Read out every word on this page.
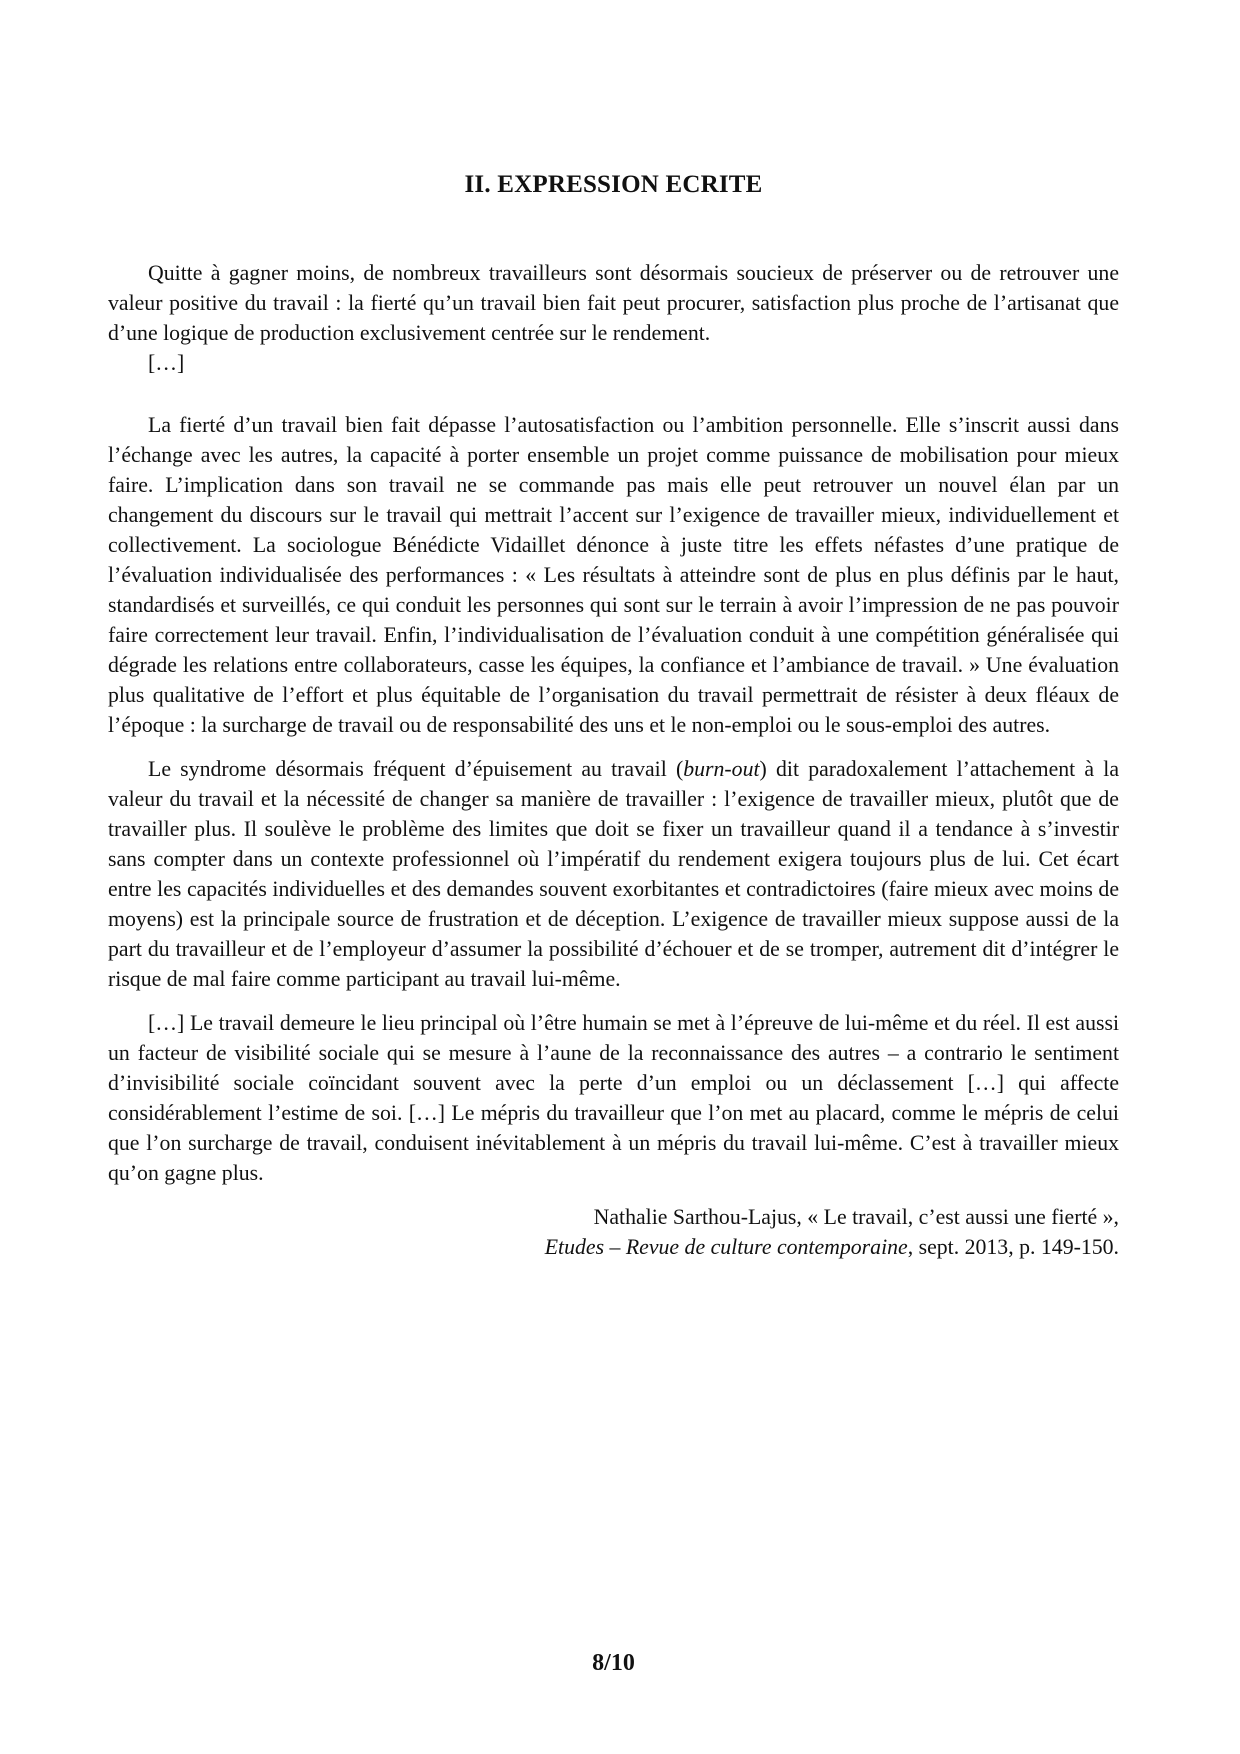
II. EXPRESSION ECRITE

Quitte à gagner moins, de nombreux travailleurs sont désormais soucieux de préserver ou de retrouver une valeur positive du travail : la fierté qu’un travail bien fait peut procurer, satisfaction plus proche de l’artisanat que d’une logique de production exclusivement centrée sur le rendement.
[…]

La fierté d’un travail bien fait dépasse l’autosatisfaction ou l’ambition personnelle. Elle s’inscrit aussi dans l’échange avec les autres, la capacité à porter ensemble un projet comme puissance de mobilisation pour mieux faire. L’implication dans son travail ne se commande pas mais elle peut retrouver un nouvel élan par un changement du discours sur le travail qui mettrait l’accent sur l’exigence de travailler mieux, individuellement et collectivement. La sociologue Bénédicte Vidaillet dénonce à juste titre les effets néfastes d’une pratique de l’évaluation individualisée des performances : « Les résultats à atteindre sont de plus en plus définis par le haut, standardisés et surveillés, ce qui conduit les personnes qui sont sur le terrain à avoir l’impression de ne pas pouvoir faire correctement leur travail. Enfin, l’individualisation de l’évaluation conduit à une compétition généralisée qui dégrade les relations entre collaborateurs, casse les équipes, la confiance et l’ambiance de travail. » Une évaluation plus qualitative de l’effort et plus équitable de l’organisation du travail permettrait de résister à deux fléaux de l’époque : la surcharge de travail ou de responsabilité des uns et le non-emploi ou le sous-emploi des autres.

Le syndrome désormais fréquent d’épuisement au travail (burn-out) dit paradoxalement l’attachement à la valeur du travail et la nécessité de changer sa manière de travailler : l’exigence de travailler mieux, plutôt que de travailler plus. Il soulève le problème des limites que doit se fixer un travailleur quand il a tendance à s’investir sans compter dans un contexte professionnel où l’impératif du rendement exigera toujours plus de lui. Cet écart entre les capacités individuelles et des demandes souvent exorbitantes et contradictoires (faire mieux avec moins de moyens) est la principale source de frustration et de déception. L’exigence de travailler mieux suppose aussi de la part du travailleur et de l’employeur d’assumer la possibilité d’échouer et de se tromper, autrement dit d’intégrer le risque de mal faire comme participant au travail lui-même.

[…] Le travail demeure le lieu principal où l’être humain se met à l’épreuve de lui-même et du réel. Il est aussi un facteur de visibilité sociale qui se mesure à l’aune de la reconnaissance des autres – a contrario le sentiment d’invisibilité sociale coïncidant souvent avec la perte d’un emploi ou un déclassement […] qui affecte considérablement l’estime de soi. […] Le mépris du travailleur que l’on met au placard, comme le mépris de celui que l’on surcharge de travail, conduisent inévitablement à un mépris du travail lui-même. C’est à travailler mieux qu’on gagne plus.

Nathalie Sarthou-Lajus, « Le travail, c’est aussi une fierté »,
Etudes – Revue de culture contemporaine, sept. 2013, p. 149-150.
8/10
